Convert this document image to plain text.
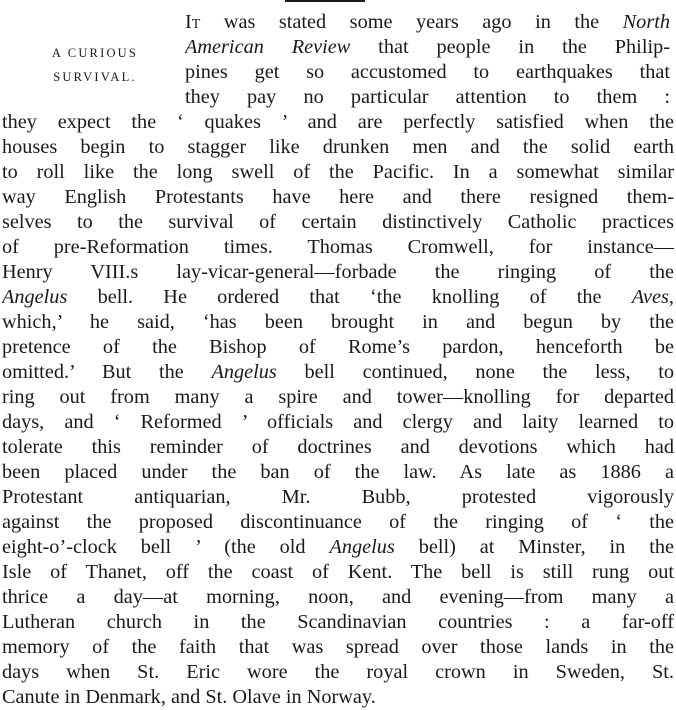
A CURIOUS
SURVIVAL.
It was stated some years ago in the North
American Review that people in the Philip-
pines get so accustomed to earthquakes that
they pay no particular attention to them :
they expect the ‘ quakes ’ and are perfectly satisfied when the
houses begin to stagger like drunken men and the solid earth
to roll like the long swell of the Pacific. In a somewhat similar
way English Protestants have here and there resigned them-
selves to the survival of certain distinctively Catholic practices
of pre-Reformation times. Thomas Cromwell, for instance—
Henry VIII.s lay-vicar-general—forbade the ringing of the
Angelus bell. He ordered that ‘the knolling of the Aves,
which,’ he said, ‘has been brought in and begun by the
pretence of the Bishop of Rome’s pardon, henceforth be
omitted.’ But the Angelus bell continued, none the less, to
ring out from many a spire and tower—knolling for departed
days, and ‘ Reformed ’ officials and clergy and laity learned to
tolerate this reminder of doctrines and devotions which had
been placed under the ban of the law. As late as 1886 a
Protestant antiquarian, Mr. Bubb, protested vigorously
against the proposed discontinuance of the ringing of ‘ the
eight-o’-clock bell ’ (the old Angelus bell) at Minster, in the
Isle of Thanet, off the coast of Kent. The bell is still rung out
thrice a day—at morning, noon, and evening—from many a
Lutheran church in the Scandinavian countries : a far-off
memory of the faith that was spread over those lands in the
days when St. Eric wore the royal crown in Sweden, St.
Canute in Denmark, and St. Olave in Norway.
